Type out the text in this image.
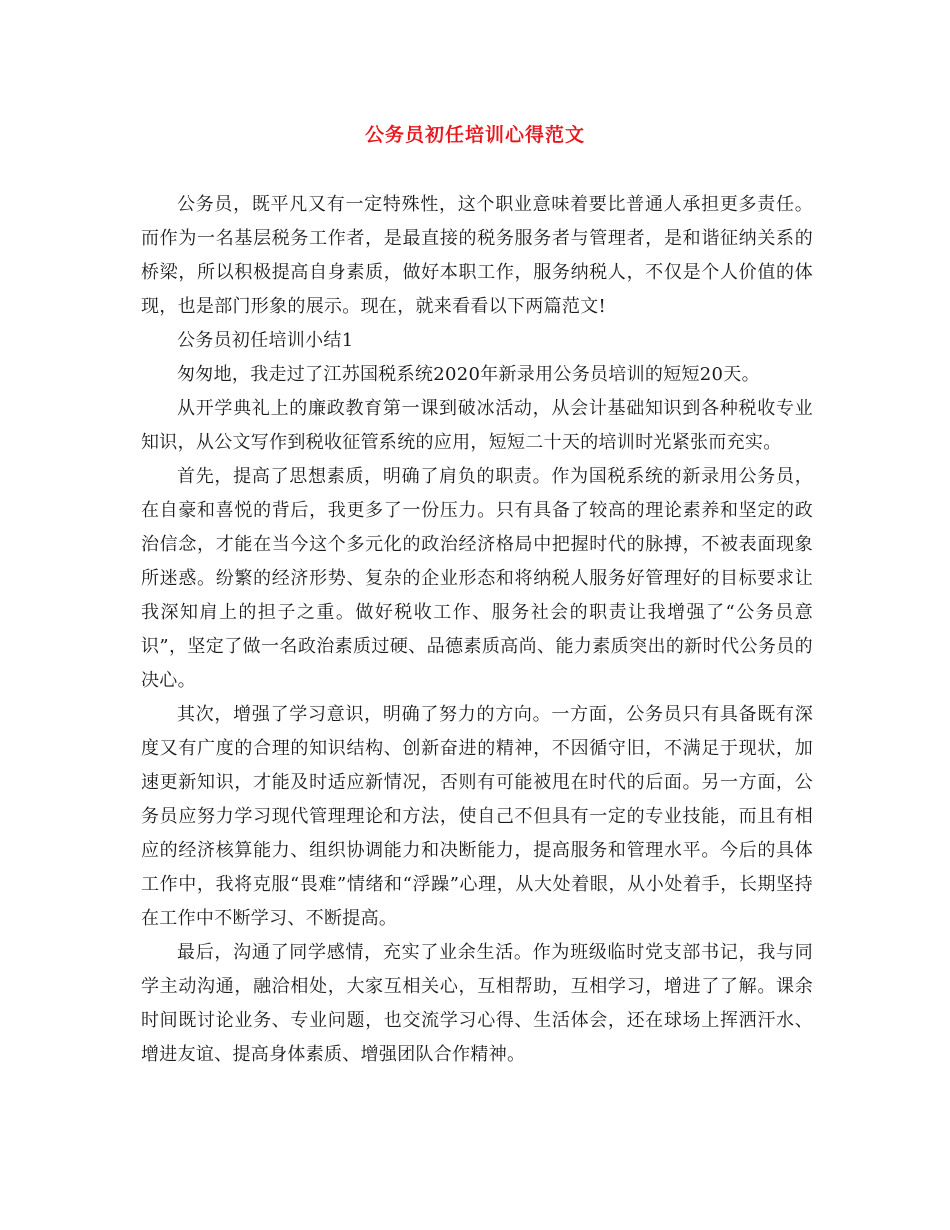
公务员初任培训心得范文

公务员，既平凡又有一定特殊性，这个职业意味着要比普通人承担更多责任。而作为一名基层税务工作者，是最直接的税务服务者与管理者，是和谐征纳关系的桥梁，所以积极提高自身素质，做好本职工作，服务纳税人，不仅是个人价值的体现，也是部门形象的展示。现在，就来看看以下两篇范文!

公务员初任培训小结1

匆匆地，我走过了江苏国税系统2020年新录用公务员培训的短短20天。

从开学典礼上的廉政教育第一课到破冰活动，从会计基础知识到各种税收专业知识，从公文写作到税收征管系统的应用，短短二十天的培训时光紧张而充实。

首先，提高了思想素质，明确了肩负的职责。作为国税系统的新录用公务员，在自豪和喜悦的背后，我更多了一份压力。只有具备了较高的理论素养和坚定的政治信念，才能在当今这个多元化的政治经济格局中把握时代的脉搏，不被表面现象所迷惑。纷繁的经济形势、复杂的企业形态和将纳税人服务好管理好的目标要求让我深知肩上的担子之重。做好税收工作、服务社会的职责让我增强了“公务员意识”，坚定了做一名政治素质过硬、品德素质高尚、能力素质突出的新时代公务员的决心。

其次，增强了学习意识，明确了努力的方向。一方面，公务员只有具备既有深度又有广度的合理的知识结构、创新奋进的精神，不因循守旧，不满足于现状，加速更新知识，才能及时适应新情况，否则有可能被甩在时代的后面。另一方面，公务员应努力学习现代管理理论和方法，使自己不但具有一定的专业技能，而且有相应的经济核算能力、组织协调能力和决断能力，提高服务和管理水平。今后的具体工作中，我将克服“畏难”情绪和“浮躁”心理，从大处着眼，从小处着手，长期坚持在工作中不断学习、不断提高。

最后，沟通了同学感情，充实了业余生活。作为班级临时党支部书记，我与同学主动沟通，融洽相处，大家互相关心，互相帮助，互相学习，增进了了解。课余时间既讨论业务、专业问题，也交流学习心得、生活体会，还在球场上挥洒汗水、增进友谊、提高身体素质、增强团队合作精神。
